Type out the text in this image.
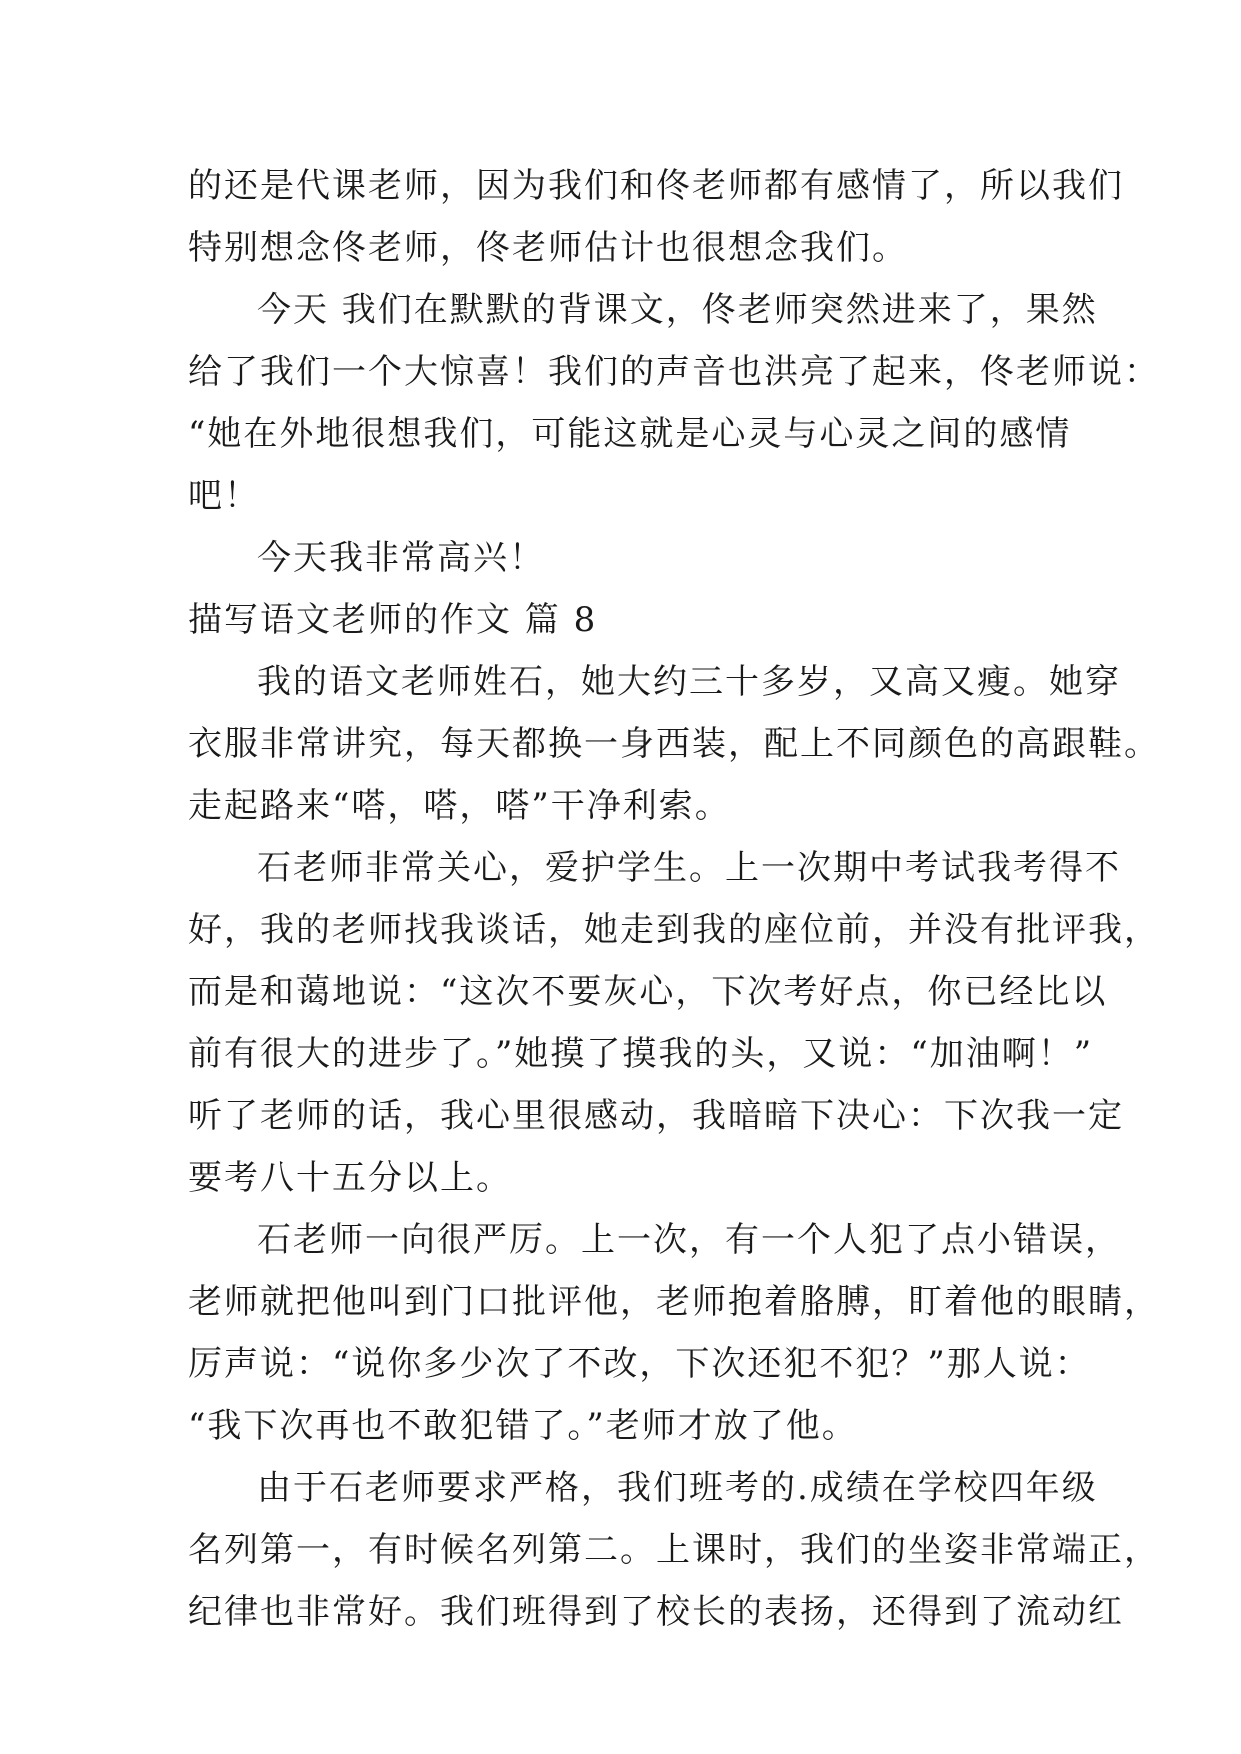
的还是代课老师，因为我们和佟老师都有感情了，所以我们
特别想念佟老师，佟老师估计也很想念我们。
今天 我们在默默的背课文，佟老师突然进来了，果然
给了我们一个大惊喜！我们的声音也洪亮了起来，佟老师说：
“她在外地很想我们，可能这就是心灵与心灵之间的感情
吧！
今天我非常高兴！
描写语文老师的作文 篇 8
我的语文老师姓石，她大约三十多岁，又高又瘦。她穿
衣服非常讲究，每天都换一身西装，配上不同颜色的高跟鞋。
走起路来“嗒，嗒，嗒”干净利索。
石老师非常关心，爱护学生。上一次期中考试我考得不
好，我的老师找我谈话，她走到我的座位前，并没有批评我，
而是和蔼地说：“这次不要灰心，下次考好点，你已经比以
前有很大的进步了。”她摸了摸我的头，又说：“加油啊！”
听了老师的话，我心里很感动，我暗暗下决心：下次我一定
要考八十五分以上。
石老师一向很严厉。上一次，有一个人犯了点小错误，
老师就把他叫到门口批评他，老师抱着胳膊，盯着他的眼睛，
厉声说：“说你多少次了不改，下次还犯不犯？”那人说：
“我下次再也不敢犯错了。”老师才放了他。
由于石老师要求严格，我们班考的.成绩在学校四年级
名列第一，有时候名列第二。上课时，我们的坐姿非常端正，
纪律也非常好。我们班得到了校长的表扬，还得到了流动红
